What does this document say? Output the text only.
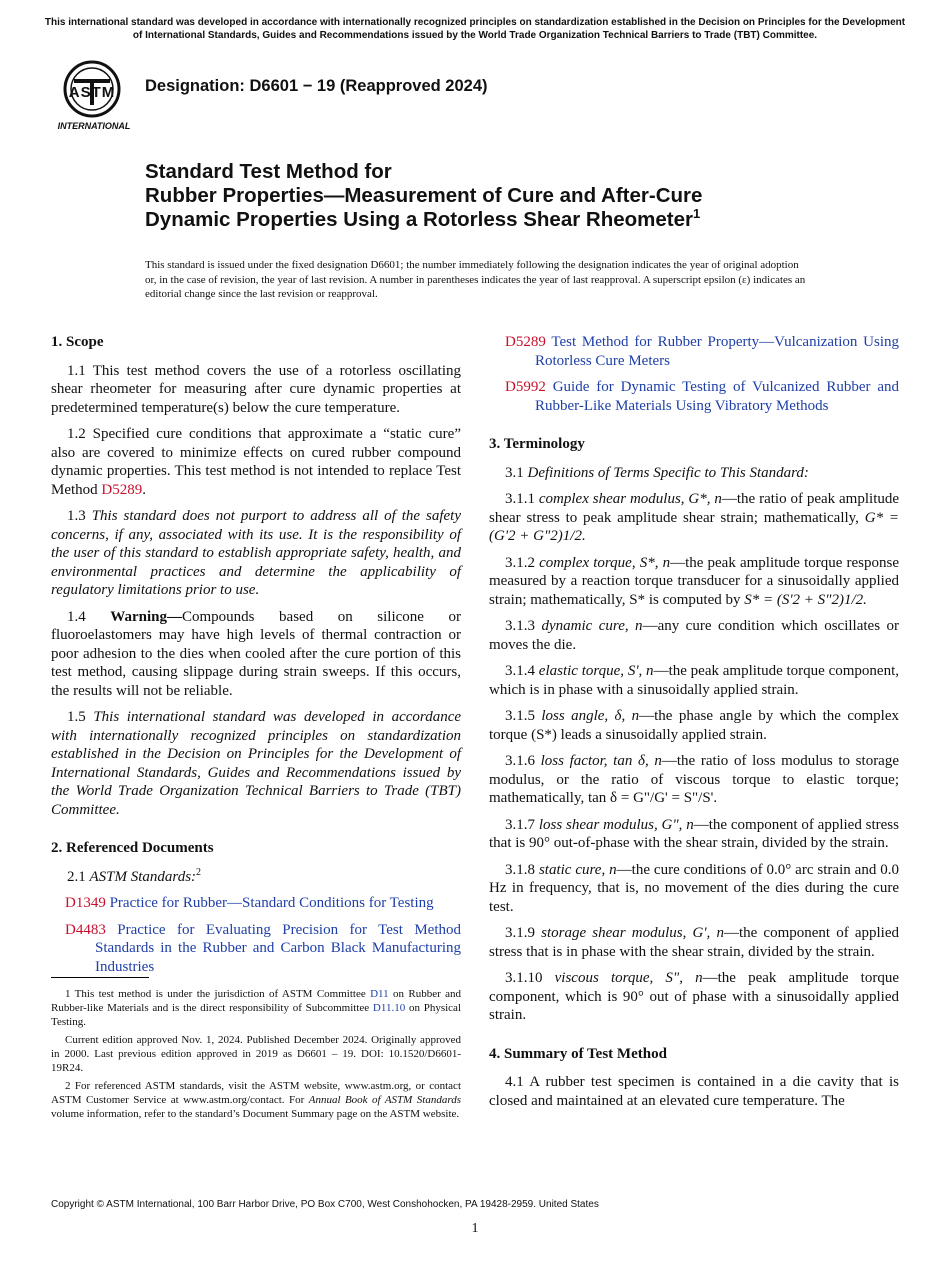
This international standard was developed in accordance with internationally recognized principles on standardization established in the Decision on Principles for the Development of International Standards, Guides and Recommendations issued by the World Trade Organization Technical Barriers to Trade (TBT) Committee.
ASTM
INTERNATIONAL
Designation: D6601 − 19 (Reapproved 2024)
Standard Test Method for
Rubber Properties—Measurement of Cure and After-Cure
Dynamic Properties Using a Rotorless Shear Rheometer$^1$

This standard is issued under the fixed designation D6601; the number immediately following the designation indicates the year of original adoption or, in the case of revision, the year of last revision. A number in parentheses indicates the year of last reapproval. A superscript epsilon (ε) indicates an editorial change since the last revision or reapproval.

1. Scope

1.1 This test method covers the use of a rotorless oscillating shear rheometer for measuring after cure dynamic properties at predetermined temperature(s) below the cure temperature.

1.2 Specified cure conditions that approximate a “static cure” also are covered to minimize effects on cured rubber compound dynamic properties. This test method is not intended to replace Test Method D5289.

1.3 This standard does not purport to address all of the safety concerns, if any, associated with its use. It is the responsibility of the user of this standard to establish appropriate safety, health, and environmental practices and determine the applicability of regulatory limitations prior to use.

1.4 Warning—Compounds based on silicone or fluoroelastomers may have high levels of thermal contraction or poor adhesion to the dies when cooled after the cure portion of this test method, causing slippage during strain sweeps. If this occurs, the results will not be reliable.

1.5 This international standard was developed in accordance with internationally recognized principles on standardization established in the Decision on Principles for the Development of International Standards, Guides and Recommendations issued by the World Trade Organization Technical Barriers to Trade (TBT) Committee.

2. Referenced Documents

2.1 ASTM Standards:$^2$

D1349 Practice for Rubber—Standard Conditions for Testing

D4483 Practice for Evaluating Precision for Test Method Standards in the Rubber and Carbon Black Manufacturing Industries

1 This test method is under the jurisdiction of ASTM Committee D11 on Rubber and Rubber-like Materials and is the direct responsibility of Subcommittee D11.10 on Physical Testing.

Current edition approved Nov. 1, 2024. Published December 2024. Originally approved in 2000. Last previous edition approved in 2019 as D6601 – 19. DOI: 10.1520/D6601-19R24.

2 For referenced ASTM standards, visit the ASTM website, www.astm.org, or contact ASTM Customer Service at www.astm.org/contact. For Annual Book of ASTM Standards volume information, refer to the standard’s Document Summary page on the ASTM website.

D5289 Test Method for Rubber Property—Vulcanization Using Rotorless Cure Meters

D5992 Guide for Dynamic Testing of Vulcanized Rubber and Rubber-Like Materials Using Vibratory Methods

3. Terminology

3.1 Definitions of Terms Specific to This Standard:

3.1.1 complex shear modulus, G*, n—the ratio of peak amplitude shear stress to peak amplitude shear strain; mathematically, G* = (G'2 + G"2)1/2.

3.1.2 complex torque, S*, n—the peak amplitude torque response measured by a reaction torque transducer for a sinusoidally applied strain; mathematically, S* is computed by S* = (S'2 + S"2)1/2.

3.1.3 dynamic cure, n—any cure condition which oscillates or moves the die.

3.1.4 elastic torque, S', n—the peak amplitude torque component, which is in phase with a sinusoidally applied strain.

3.1.5 loss angle, δ, n—the phase angle by which the complex torque (S*) leads a sinusoidally applied strain.

3.1.6 loss factor, tan δ, n—the ratio of loss modulus to storage modulus, or the ratio of viscous torque to elastic torque; mathematically, tan δ = G"/G' = S"/S'.

3.1.7 loss shear modulus, G", n—the component of applied stress that is 90° out-of-phase with the shear strain, divided by the strain.

3.1.8 static cure, n—the cure conditions of 0.0° arc strain and 0.0 Hz in frequency, that is, no movement of the dies during the cure test.

3.1.9 storage shear modulus, G', n—the component of applied stress that is in phase with the shear strain, divided by the strain.

3.1.10 viscous torque, S", n—the peak amplitude torque component, which is 90° out of phase with a sinusoidally applied strain.

4. Summary of Test Method

4.1 A rubber test specimen is contained in a die cavity that is closed and maintained at an elevated cure temperature. The

Copyright © ASTM International, 100 Barr Harbor Drive, PO Box C700, West Conshohocken, PA 19428-2959. United States
1
